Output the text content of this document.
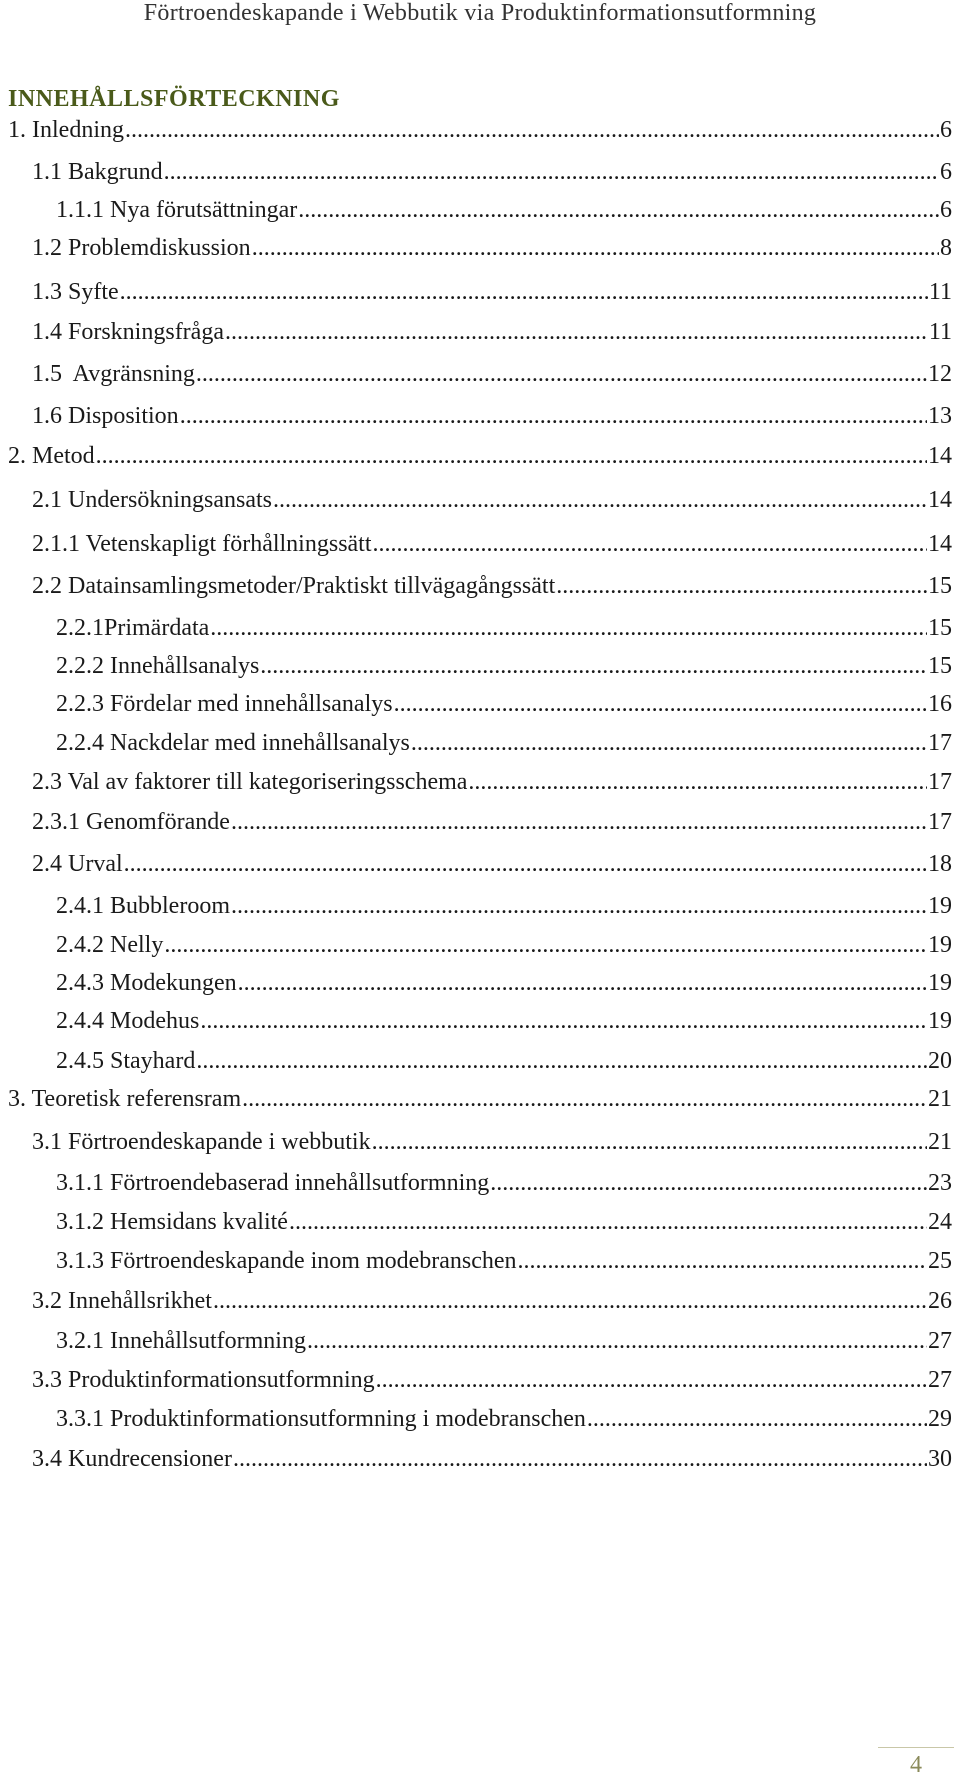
Förtroendeskapande i Webbutik via Produktinformationsutformning
INNEHÅLLSFÖRTECKNING
1. Inledning .....	6
1.1 Bakgrund .....	6
1.1.1 Nya förutsättningar .....	6
1.2 Problemdiskussion .....	8
1.3 Syfte .....	11
1.4 Forskningsfråga .....	11
1.5  Avgränsning .....	12
1.6 Disposition .....	13
2. Metod .....	14
2.1 Undersökningsansats .....	14
2.1.1 Vetenskapligt förhållningssätt .....	14
2.2 Datainsamlingsmetoder/Praktiskt tillvägagångssätt .....	15
2.2.1Primärdata .....	15
2.2.2 Innehållsanalys .....	15
2.2.3 Fördelar med innehållsanalys .....	16
2.2.4 Nackdelar med innehållsanalys .....	17
2.3 Val av faktorer till kategoriseringsschema .....	17
2.3.1 Genomförande .....	17
2.4 Urval .....	18
2.4.1 Bubbleroom .....	19
2.4.2 Nelly .....	19
2.4.3 Modekungen .....	19
2.4.4 Modehus .....	19
2.4.5 Stayhard .....	20
3. Teoretisk referensram .....	21
3.1 Förtroendeskapande i webbutik .....	21
3.1.1 Förtroendebaserad innehållsutformning .....	23
3.1.2 Hemsidans kvalité .....	24
3.1.3 Förtroendeskapande inom modebranschen .....	25
3.2 Innehållsrikhet .....	26
3.2.1 Innehållsutformning .....	27
3.3 Produktinformationsutformning .....	27
3.3.1 Produktinformationsutformning i modebranschen .....	29
3.4 Kundrecensioner .....	30
4
